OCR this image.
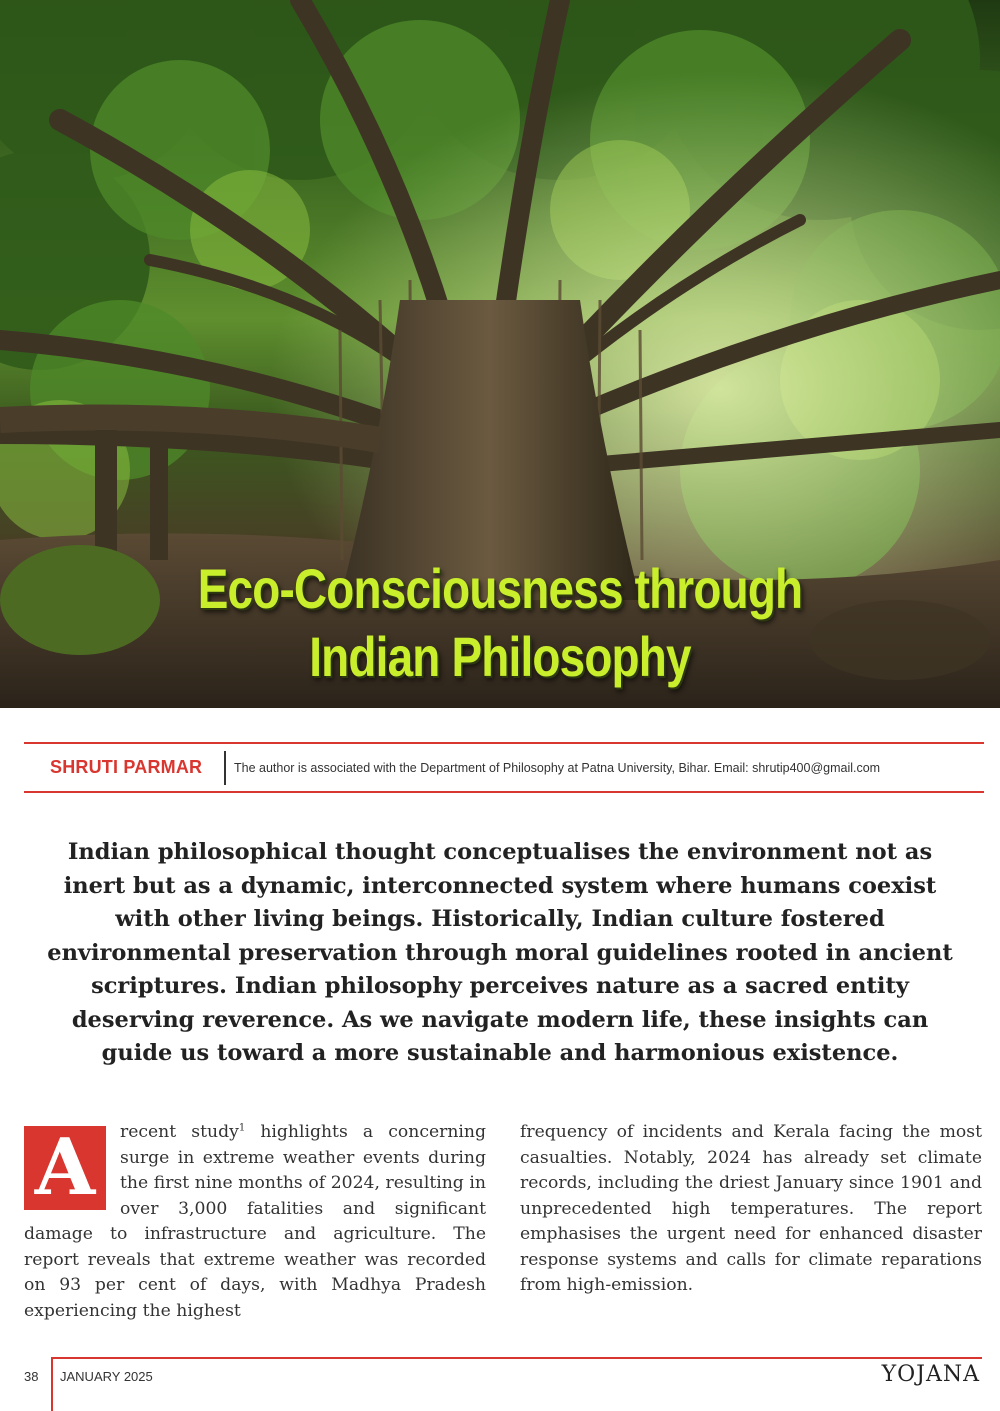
Eco-Consciousness through
Indian Philosophy
SHRUTI PARMAR	The author is associated with the Department of Philosophy at Patna University, Bihar. Email: shrutip400@gmail.com
Indian philosophical thought conceptualises the environment not as inert but as a dynamic, interconnected system where humans coexist with other living beings. Historically, Indian culture fostered environmental preservation through moral guidelines rooted in ancient scriptures. Indian philosophy perceives nature as a sacred entity deserving reverence. As we navigate modern life, these insights can guide us toward a more sustainable and harmonious existence.
A	recent study$^1$ highlights a concerning surge in extreme weather events during the first nine months of 2024, resulting in over 3,000 fatalities and significant damage to infrastructure and agriculture. The report reveals that extreme weather was recorded on 93 per cent of days, with Madhya Pradesh experiencing the highest
frequency of incidents and Kerala facing the most casualties. Notably, 2024 has already set climate records, including the driest January since 1901 and unprecedented high temperatures. The report emphasises the urgent need for enhanced disaster response systems and calls for climate reparations from high-emission.
38 JANUARY 2025	YOJANA
